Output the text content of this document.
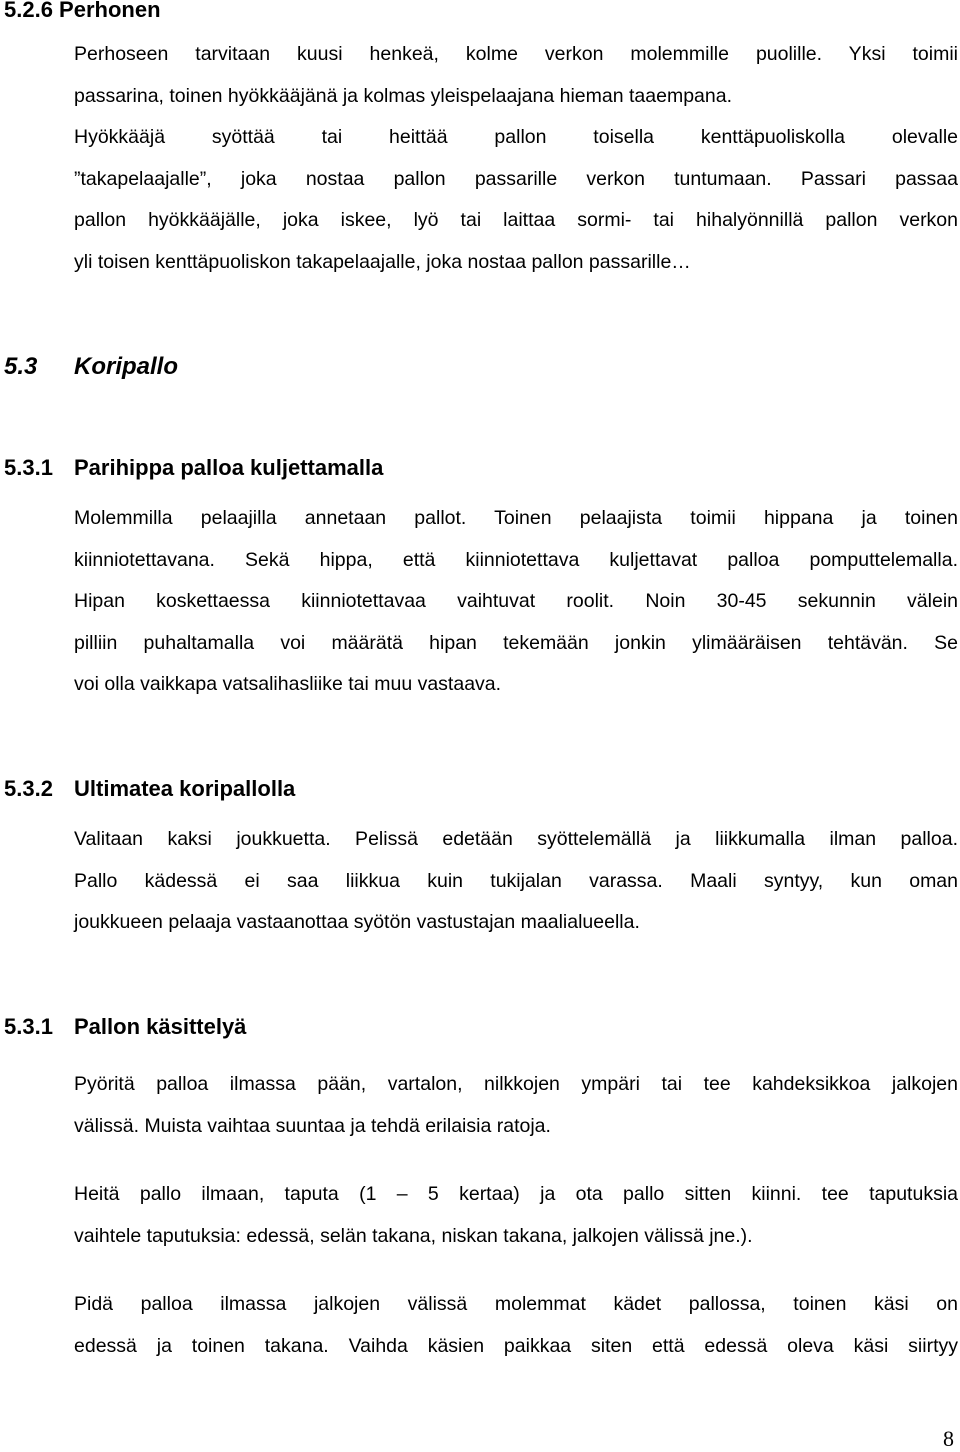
5.2.6 Perhonen
Perhoseen tarvitaan kuusi henkeä, kolme verkon molemmille puolille. Yksi toimii
passarina, toinen hyökkääjänä ja kolmas yleispelaajana hieman taaempana.
Hyökkääjä syöttää tai heittää pallon toisella kenttäpuoliskolla olevalle
”takapelaajalle”, joka nostaa pallon passarille verkon tuntumaan. Passari passaa
pallon hyökkääjälle, joka iskee, lyö tai laittaa sormi- tai hihalyönnillä pallon verkon
yli toisen kenttäpuoliskon takapelaajalle, joka nostaa pallon passarille…
5.3 Koripallo
5.3.1 Parihippa palloa kuljettamalla
Molemmilla pelaajilla annetaan pallot. Toinen pelaajista toimii hippana ja toinen
kiinniotettavana. Sekä hippa, että kiinniotettava kuljettavat palloa pomputtelemalla.
Hipan koskettaessa kiinniotettavaa vaihtuvat roolit. Noin 30-45 sekunnin välein
pilliin puhaltamalla voi määrätä hipan tekemään jonkin ylimääräisen tehtävän. Se
voi olla vaikkapa vatsalihasliike tai muu vastaava.
5.3.2 Ultimatea koripallolla
Valitaan kaksi joukkuetta. Pelissä edetään syöttelemällä ja liikkumalla ilman palloa.
Pallo kädessä ei saa liikkua kuin tukijalan varassa. Maali syntyy, kun oman
joukkueen pelaaja vastaanottaa syötön vastustajan maalialueella.
5.3.1 Pallon käsittelyä
Pyöritä palloa ilmassa pään, vartalon, nilkkojen ympäri tai tee kahdeksikkoa jalkojen
välissä. Muista vaihtaa suuntaa ja tehdä erilaisia ratoja.
Heitä pallo ilmaan, taputa (1 – 5 kertaa) ja ota pallo sitten kiinni. tee taputuksia
vaihtele taputuksia: edessä, selän takana, niskan takana, jalkojen välissä jne.).
Pidä palloa ilmassa jalkojen välissä molemmat kädet pallossa, toinen käsi on
edessä ja toinen takana. Vaihda käsien paikkaa siten että edessä oleva käsi siirtyy
8
